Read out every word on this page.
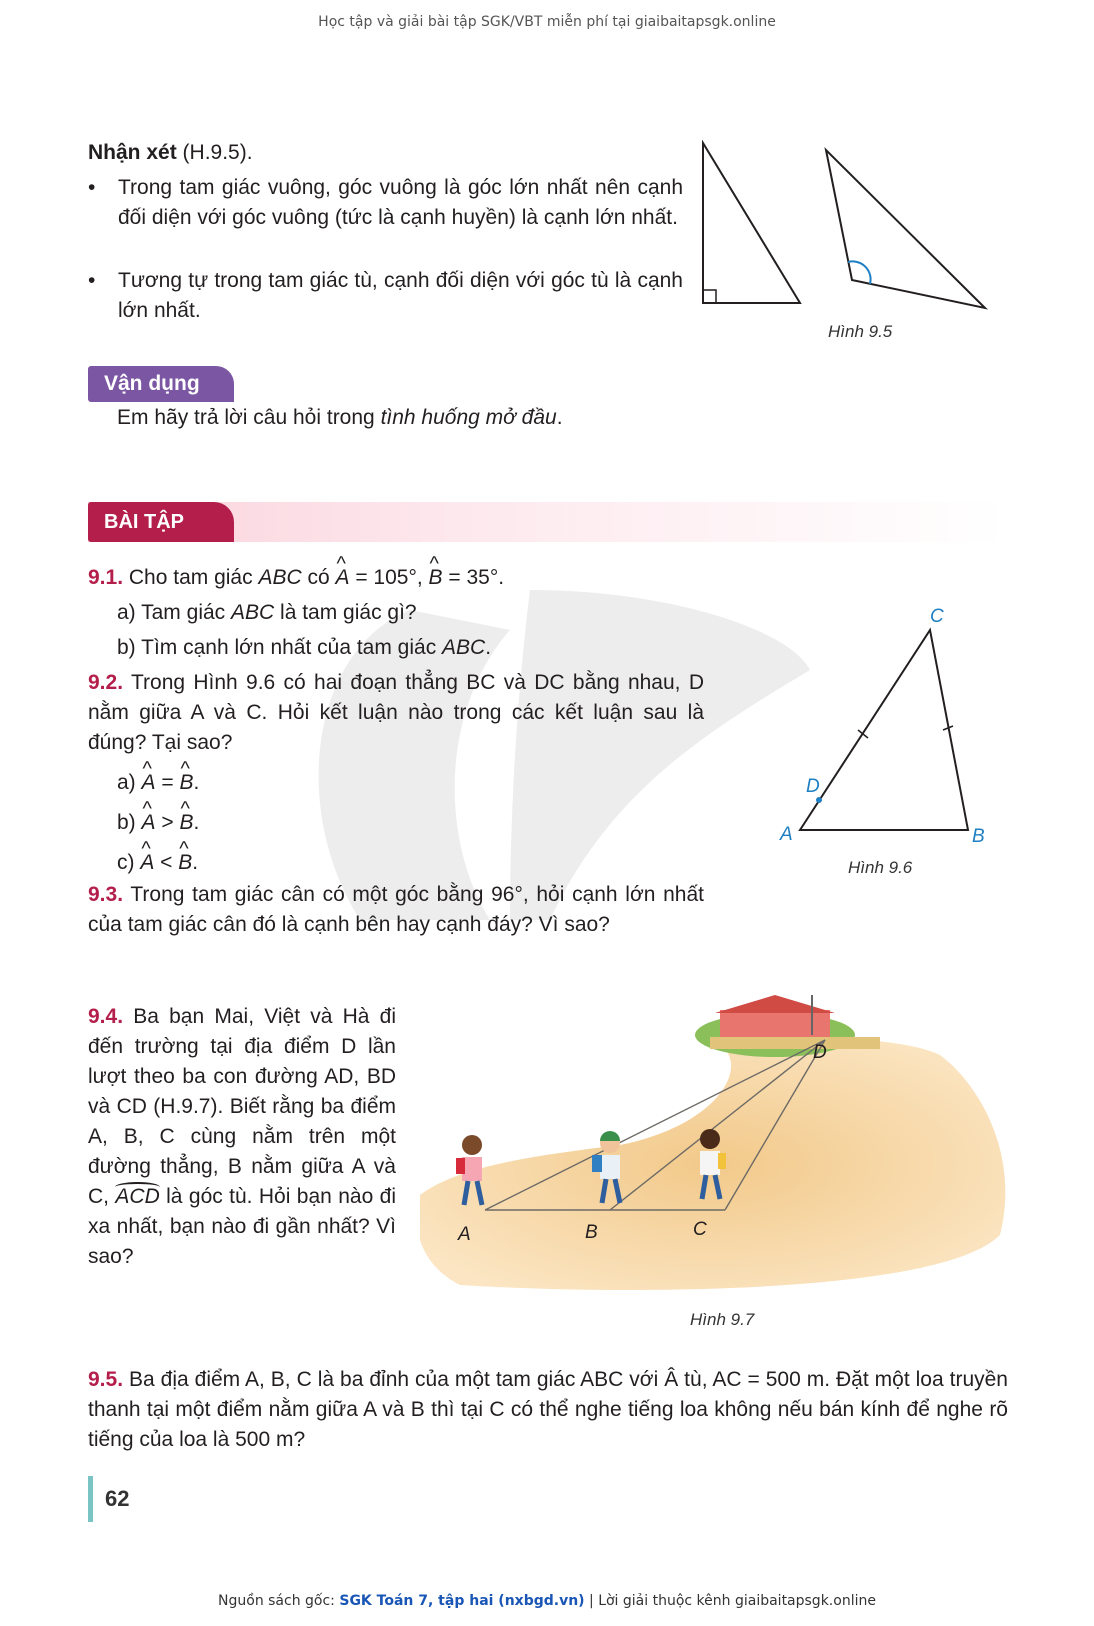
Học tập và giải bài tập SGK/VBT miễn phí tại giaibaitapsgk.online
Nhận xét (H.9.5).
• Trong tam giác vuông, góc vuông là góc lớn nhất nên cạnh đối diện với góc vuông (tức là cạnh huyền) là cạnh lớn nhất.
• Tương tự trong tam giác tù, cạnh đối diện với góc tù là cạnh lớn nhất.
Hình 9.5
Vận dụng
Em hãy trả lời câu hỏi trong tình huống mở đầu.
BÀI TẬP
9.1. Cho tam giác ABC có ^ A = 105°, ^ B = 35°.
a) Tam giác ABC là tam giác gì?
b) Tìm cạnh lớn nhất của tam giác ABC.
9.2. Trong Hình 9.6 có hai đoạn thẳng BC và DC bằng nhau, D nằm giữa A và C. Hỏi kết luận nào trong các kết luận sau là đúng? Tại sao?
a) ^ A = ^ B.
b) ^ A > ^ B.
c) ^ A < ^ B.
A	B
C
D
Hình 9.6
9.3. Trong tam giác cân có một góc bằng 96°, hỏi cạnh lớn nhất của tam giác cân đó là cạnh bên hay cạnh đáy? Vì sao?
9.4. Ba bạn Mai, Việt và Hà đi đến trường tại địa điểm D lần lượt theo ba con đường AD, BD và CD (H.9.7). Biết rằng ba điểm A, B, C cùng nằm trên một đường thẳng, B nằm giữa A và C, ACD là góc tù. Hỏi bạn nào đi xa nhất, bạn nào đi gần nhất? Vì sao?
A	B	C
D
Hình 9.7
9.5. Ba địa điểm A, B, C là ba đỉnh của một tam giác ABC với Â tù, AC = 500 m. Đặt một loa truyền thanh tại một điểm nằm giữa A và B thì tại C có thể nghe tiếng loa không nếu bán kính để nghe rõ tiếng của loa là 500 m?
62
Nguồn sách gốc: SGK Toán 7, tập hai (nxbgd.vn) | Lời giải thuộc kênh giaibaitapsgk.online
